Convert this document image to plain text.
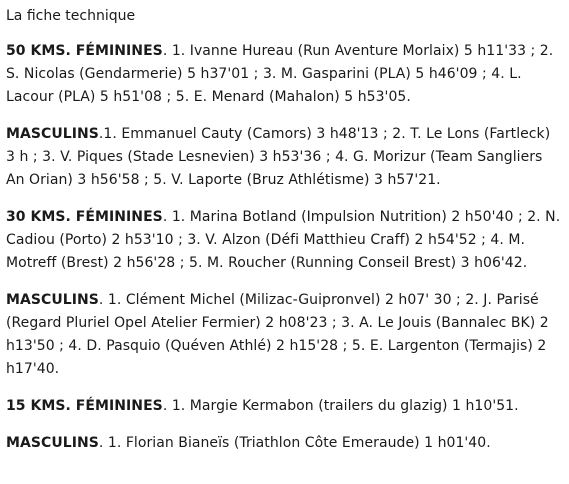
La fiche technique

50 KMS. FÉMININES. 1. Ivanne Hureau (Run Aventure Morlaix) 5 h11'33 ; 2. S. Nicolas (Gendarmerie) 5 h37'01 ; 3. M. Gasparini (PLA) 5 h46'09 ; 4. L. Lacour (PLA) 5 h51'08 ; 5. E. Menard (Mahalon) 5 h53'05.

MASCULINS.1. Emmanuel Cauty (Camors) 3 h48'13 ; 2. T. Le Lons (Fartleck) 3 h ; 3. V. Piques (Stade Lesnevien) 3 h53'36 ; 4. G. Morizur (Team Sangliers An Orian) 3 h56'58 ; 5. V. Laporte (Bruz Athlétisme) 3 h57'21.

30 KMS. FÉMININES. 1. Marina Botland (Impulsion Nutrition) 2 h50'40 ; 2. N. Cadiou (Porto) 2 h53'10 ; 3. V. Alzon (Défi Matthieu Craff) 2 h54'52 ; 4. M. Motreff (Brest) 2 h56'28 ; 5. M. Roucher (Running Conseil Brest) 3 h06'42.

MASCULINS. 1. Clément Michel (Milizac-Guipronvel) 2 h07' 30 ; 2. J. Parisé (Regard Pluriel Opel Atelier Fermier) 2 h08'23 ; 3. A. Le Jouis (Bannalec BK) 2 h13'50 ; 4. D. Pasquio (Quéven Athlé) 2 h15'28 ; 5. E. Largenton (Termajis) 2 h17'40.

15 KMS. FÉMININES. 1. Margie Kermabon (trailers du glazig) 1 h10'51.

MASCULINS. 1. Florian Bianeïs (Triathlon Côte Emeraude) 1 h01'40.
